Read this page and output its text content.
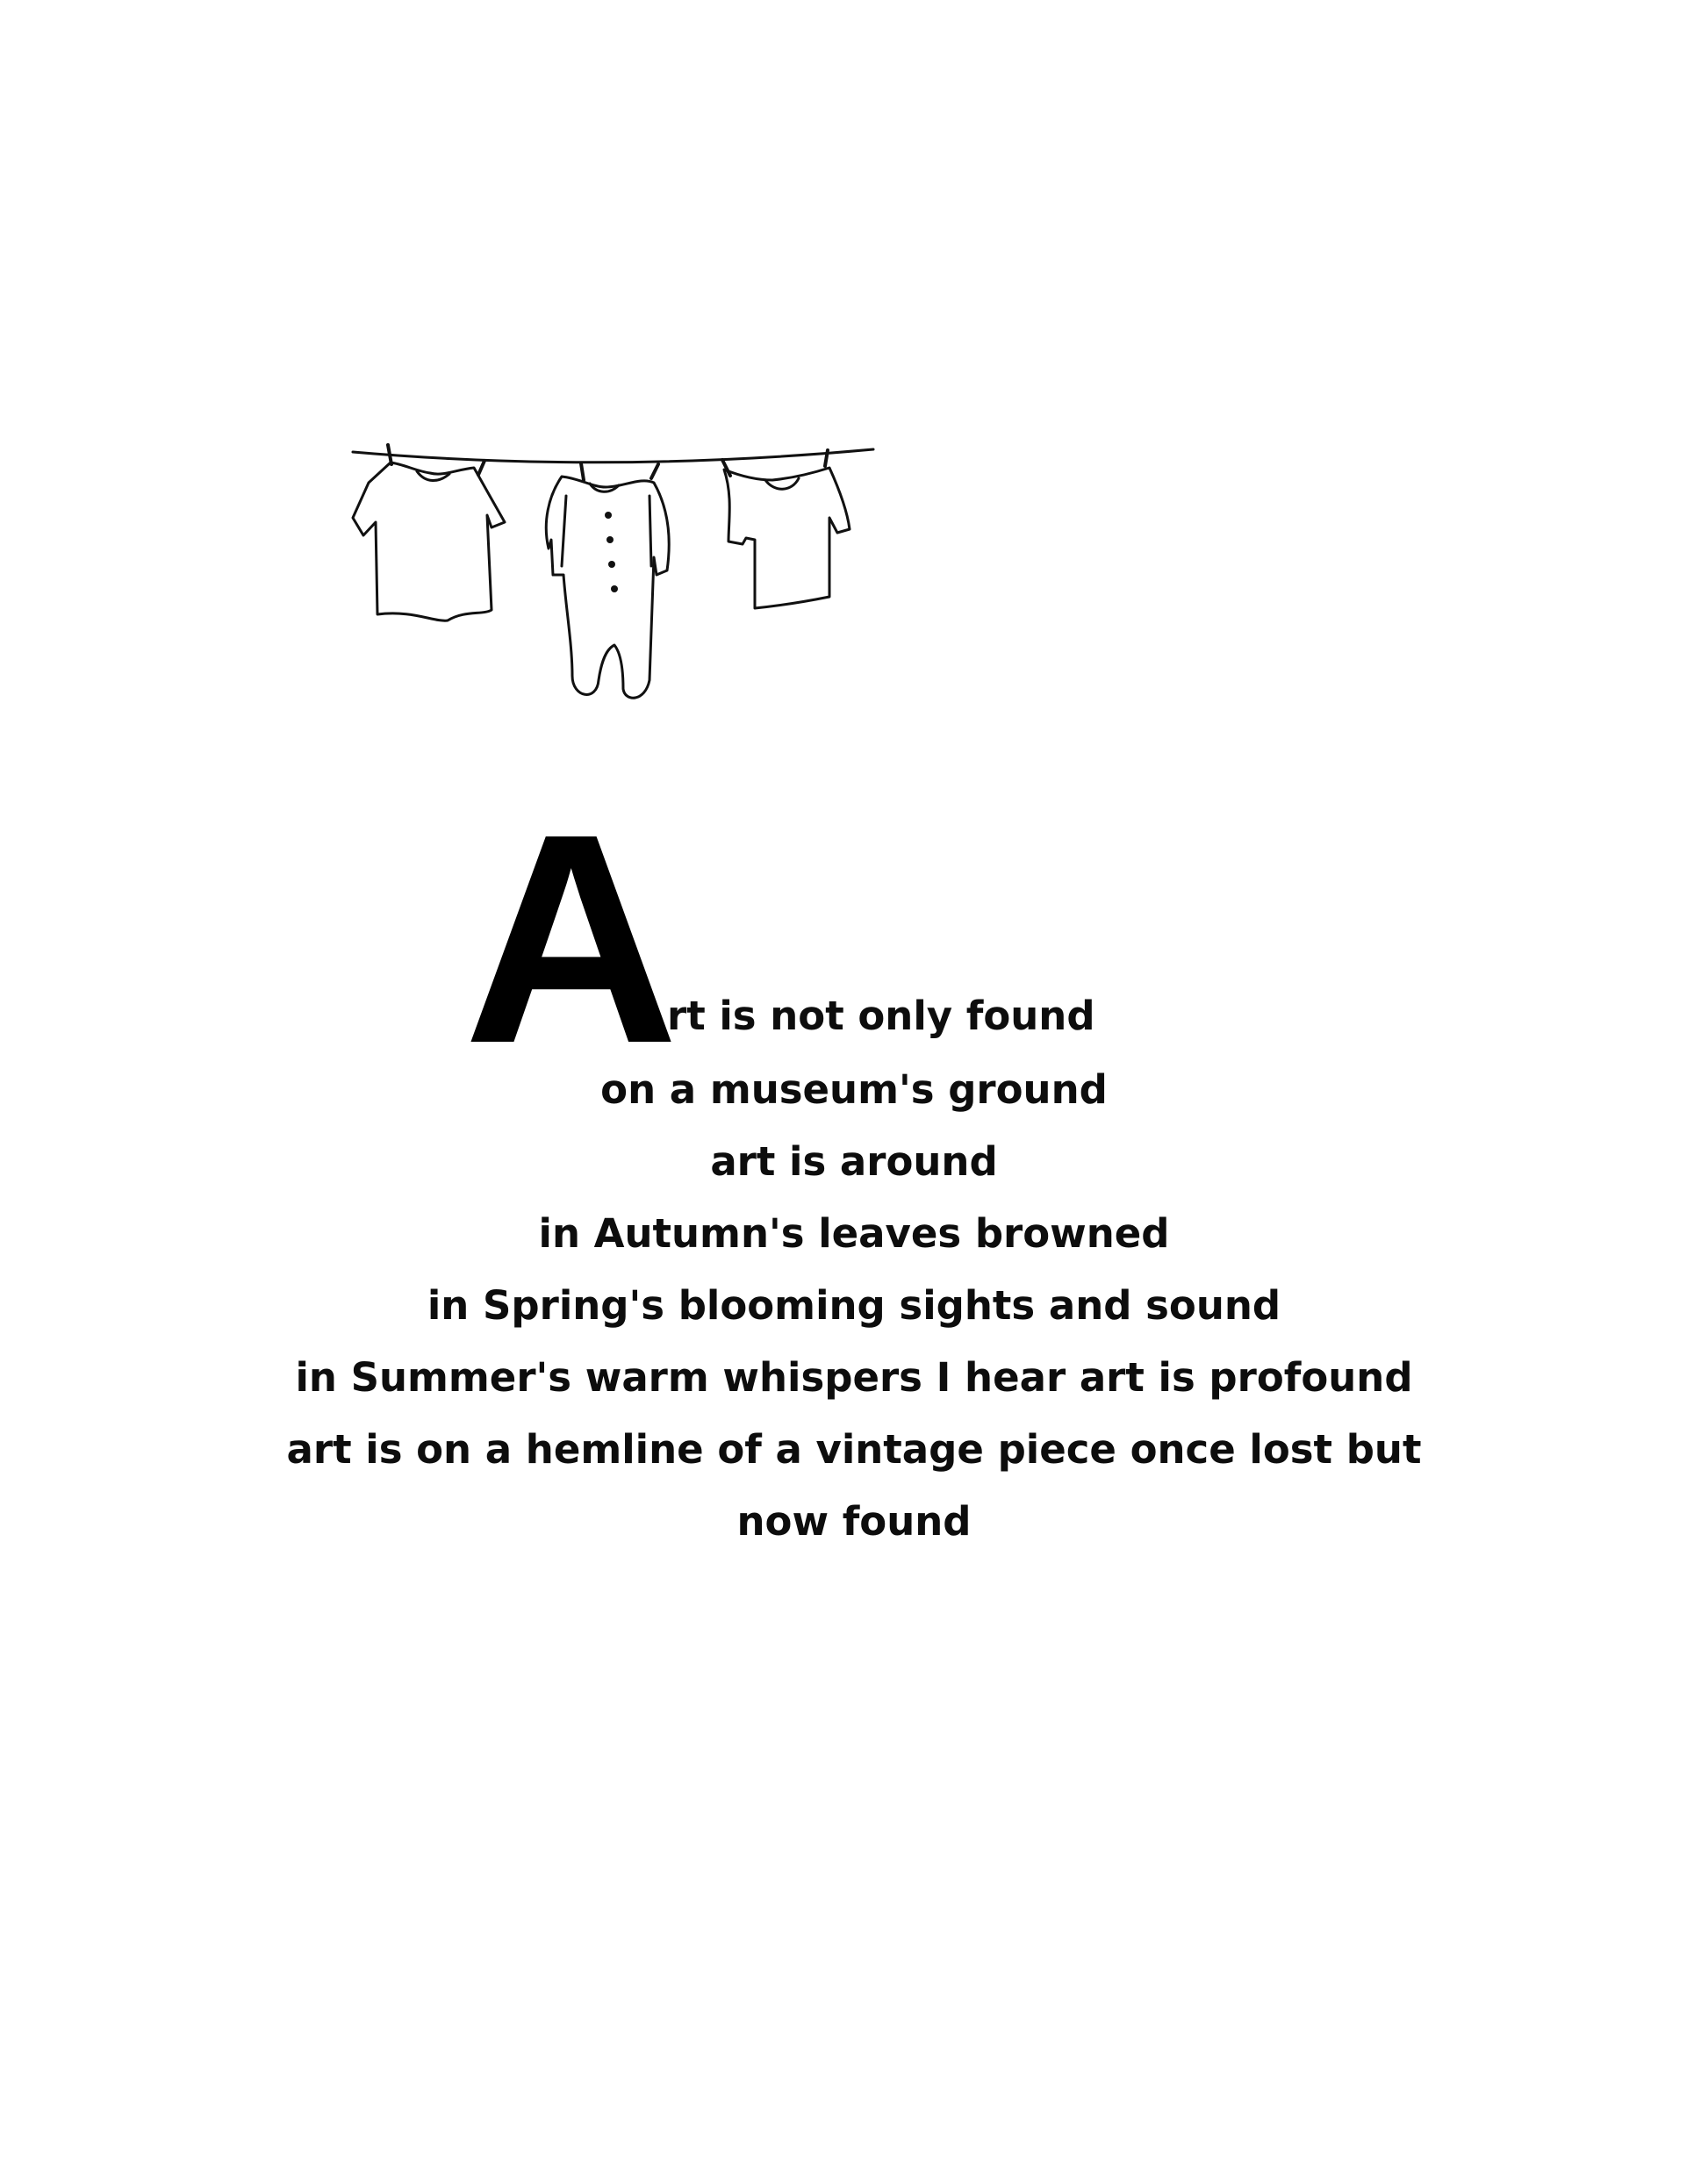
A
rt is not only found
on a museum's ground
art is around
in Autumn's leaves browned
in Spring's blooming sights and sound
in Summer's warm whispers I hear art is profound
art is on a hemline of a vintage piece once lost but
now found
